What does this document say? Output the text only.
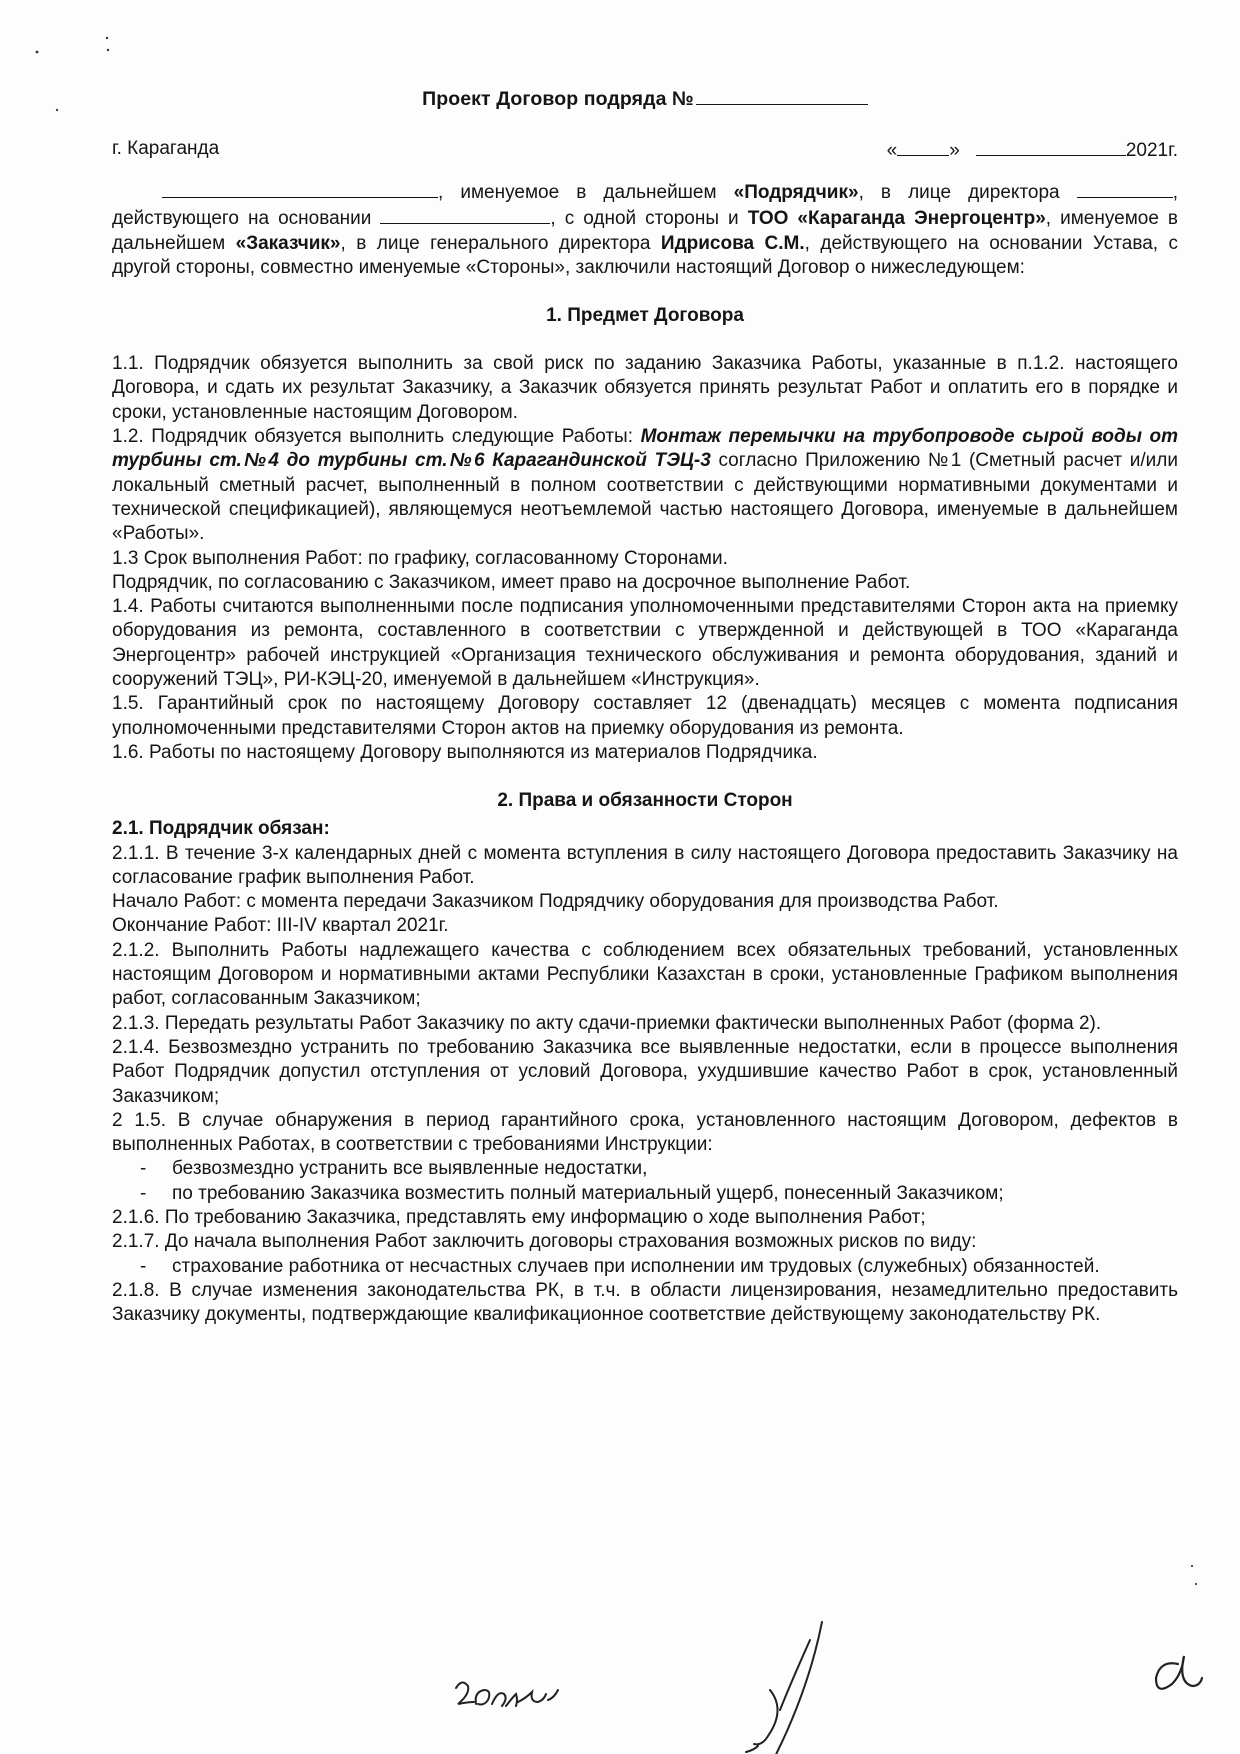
Проект Договор подряда №
г. Караганда	«	»	2021г.

, именуемое в дальнейшем «Подрядчик», в лице директора	, действующего на основании	, с одной стороны и ТОО «Караганда Энергоцентр», именуемое в дальнейшем «Заказчик», в лице генерального директора Идрисова С.М., действующего на основании Устава, с другой стороны, совместно именуемые «Стороны», заключили настоящий Договор о нижеследующем:

1. Предмет Договора

1.1. Подрядчик обязуется выполнить за свой риск по заданию Заказчика Работы, указанные в п.1.2. настоящего Договора, и сдать их результат Заказчику, а Заказчик обязуется принять результат Работ и оплатить его в порядке и сроки, установленные настоящим Договором.

1.2. Подрядчик обязуется выполнить следующие Работы: Монтаж перемычки на трубопроводе сырой воды от турбины ст.№4 до турбины ст.№6 Карагандинской ТЭЦ-3 согласно Приложению №1 (Сметный расчет и/или локальный сметный расчет, выполненный в полном соответствии с действующими нормативными документами и технической спецификацией), являющемуся неотъемлемой частью настоящего Договора, именуемые в дальнейшем «Работы».

1.3 Срок выполнения Работ: по графику, согласованному Сторонами.

Подрядчик, по согласованию с Заказчиком, имеет право на досрочное выполнение Работ.

1.4. Работы считаются выполненными после подписания уполномоченными представителями Сторон акта на приемку оборудования из ремонта, составленного в соответствии с утвержденной и действующей в ТОО «Караганда Энергоцентр» рабочей инструкцией «Организация технического обслуживания и ремонта оборудования, зданий и сооружений ТЭЦ», РИ-КЭЦ-20, именуемой в дальнейшем «Инструкция».

1.5. Гарантийный срок по настоящему Договору составляет 12 (двенадцать) месяцев с момента подписания уполномоченными представителями Сторон актов на приемку оборудования из ремонта.

1.6. Работы по настоящему Договору выполняются из материалов Подрядчика.

2. Права и обязанности Сторон

2.1. Подрядчик обязан:

2.1.1. В течение 3-х календарных дней с момента вступления в силу настоящего Договора предоставить Заказчику на согласование график выполнения Работ.

Начало Работ: с момента передачи Заказчиком Подрядчику оборудования для производства Работ.

Окончание Работ: III-IV квартал 2021г.

2.1.2. Выполнить Работы надлежащего качества с соблюдением всех обязательных требований, установленных настоящим Договором и нормативными актами Республики Казахстан в сроки, установленные Графиком выполнения работ, согласованным Заказчиком;

2.1.3. Передать результаты Работ Заказчику по акту сдачи-приемки фактически выполненных Работ (форма 2).

2.1.4. Безвозмездно устранить по требованию Заказчика все выявленные недостатки, если в процессе выполнения Работ Подрядчик допустил отступления от условий Договора, ухудшившие качество Работ в срок, установленный Заказчиком;

2 1.5. В случае обнаружения в период гарантийного срока, установленного настоящим Договором, дефектов в выполненных Работах, в соответствии с требованиями Инструкции:

-	безвозмездно устранить все выявленные недостатки,
-	по требованию Заказчика возместить полный материальный ущерб, понесенный Заказчиком;

2.1.6. По требованию Заказчика, представлять ему информацию о ходе выполнения Работ;

2.1.7. До начала выполнения Работ заключить договоры страхования возможных рисков по виду:

-	страхование работника от несчастных случаев при исполнении им трудовых (служебных) обязанностей.

2.1.8. В случае изменения законодательства РК, в т.ч. в области лицензирования, незамедлительно предоставить Заказчику документы, подтверждающие квалификационное соответствие действующему законодательству РК.
